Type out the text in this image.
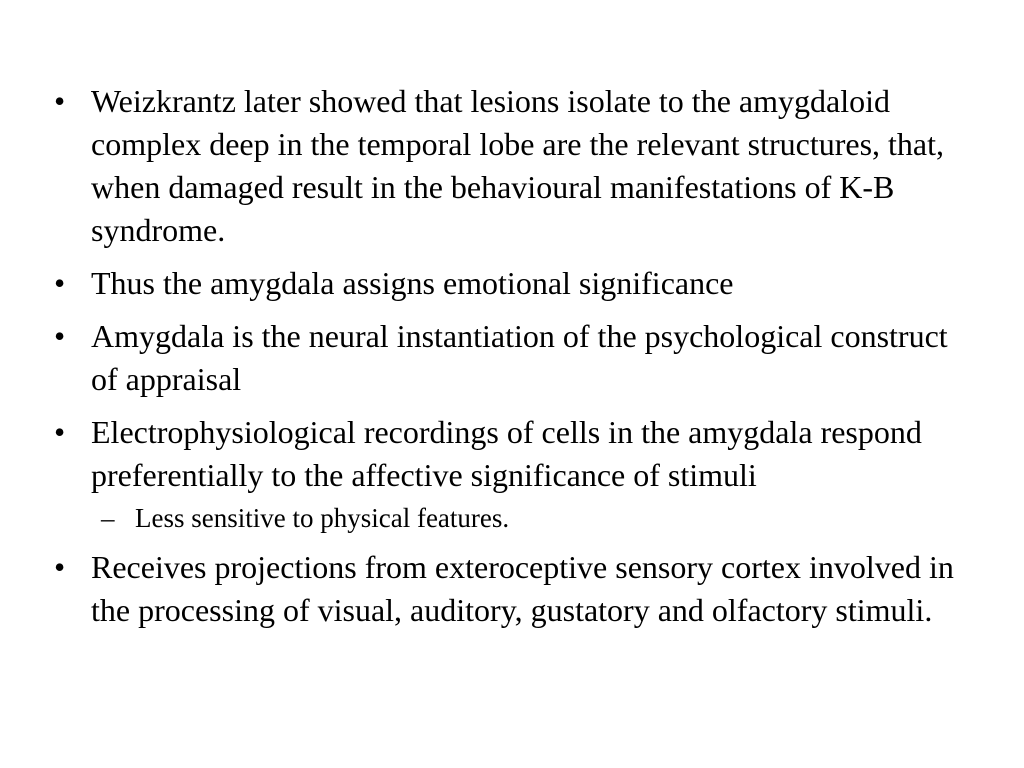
• Weizkrantz later showed that lesions isolate to the amygdaloid complex deep in the temporal lobe are the relevant structures, that, when damaged result in the behavioural manifestations of K-B syndrome.
• Thus the amygdala assigns emotional significance
• Amygdala is the neural instantiation of the psychological construct of appraisal
• Electrophysiological recordings of cells in the amygdala respond preferentially to the affective significance of stimuli
– Less sensitive to physical features.
• Receives projections from exteroceptive sensory cortex involved in the processing of visual, auditory, gustatory and olfactory stimuli.
